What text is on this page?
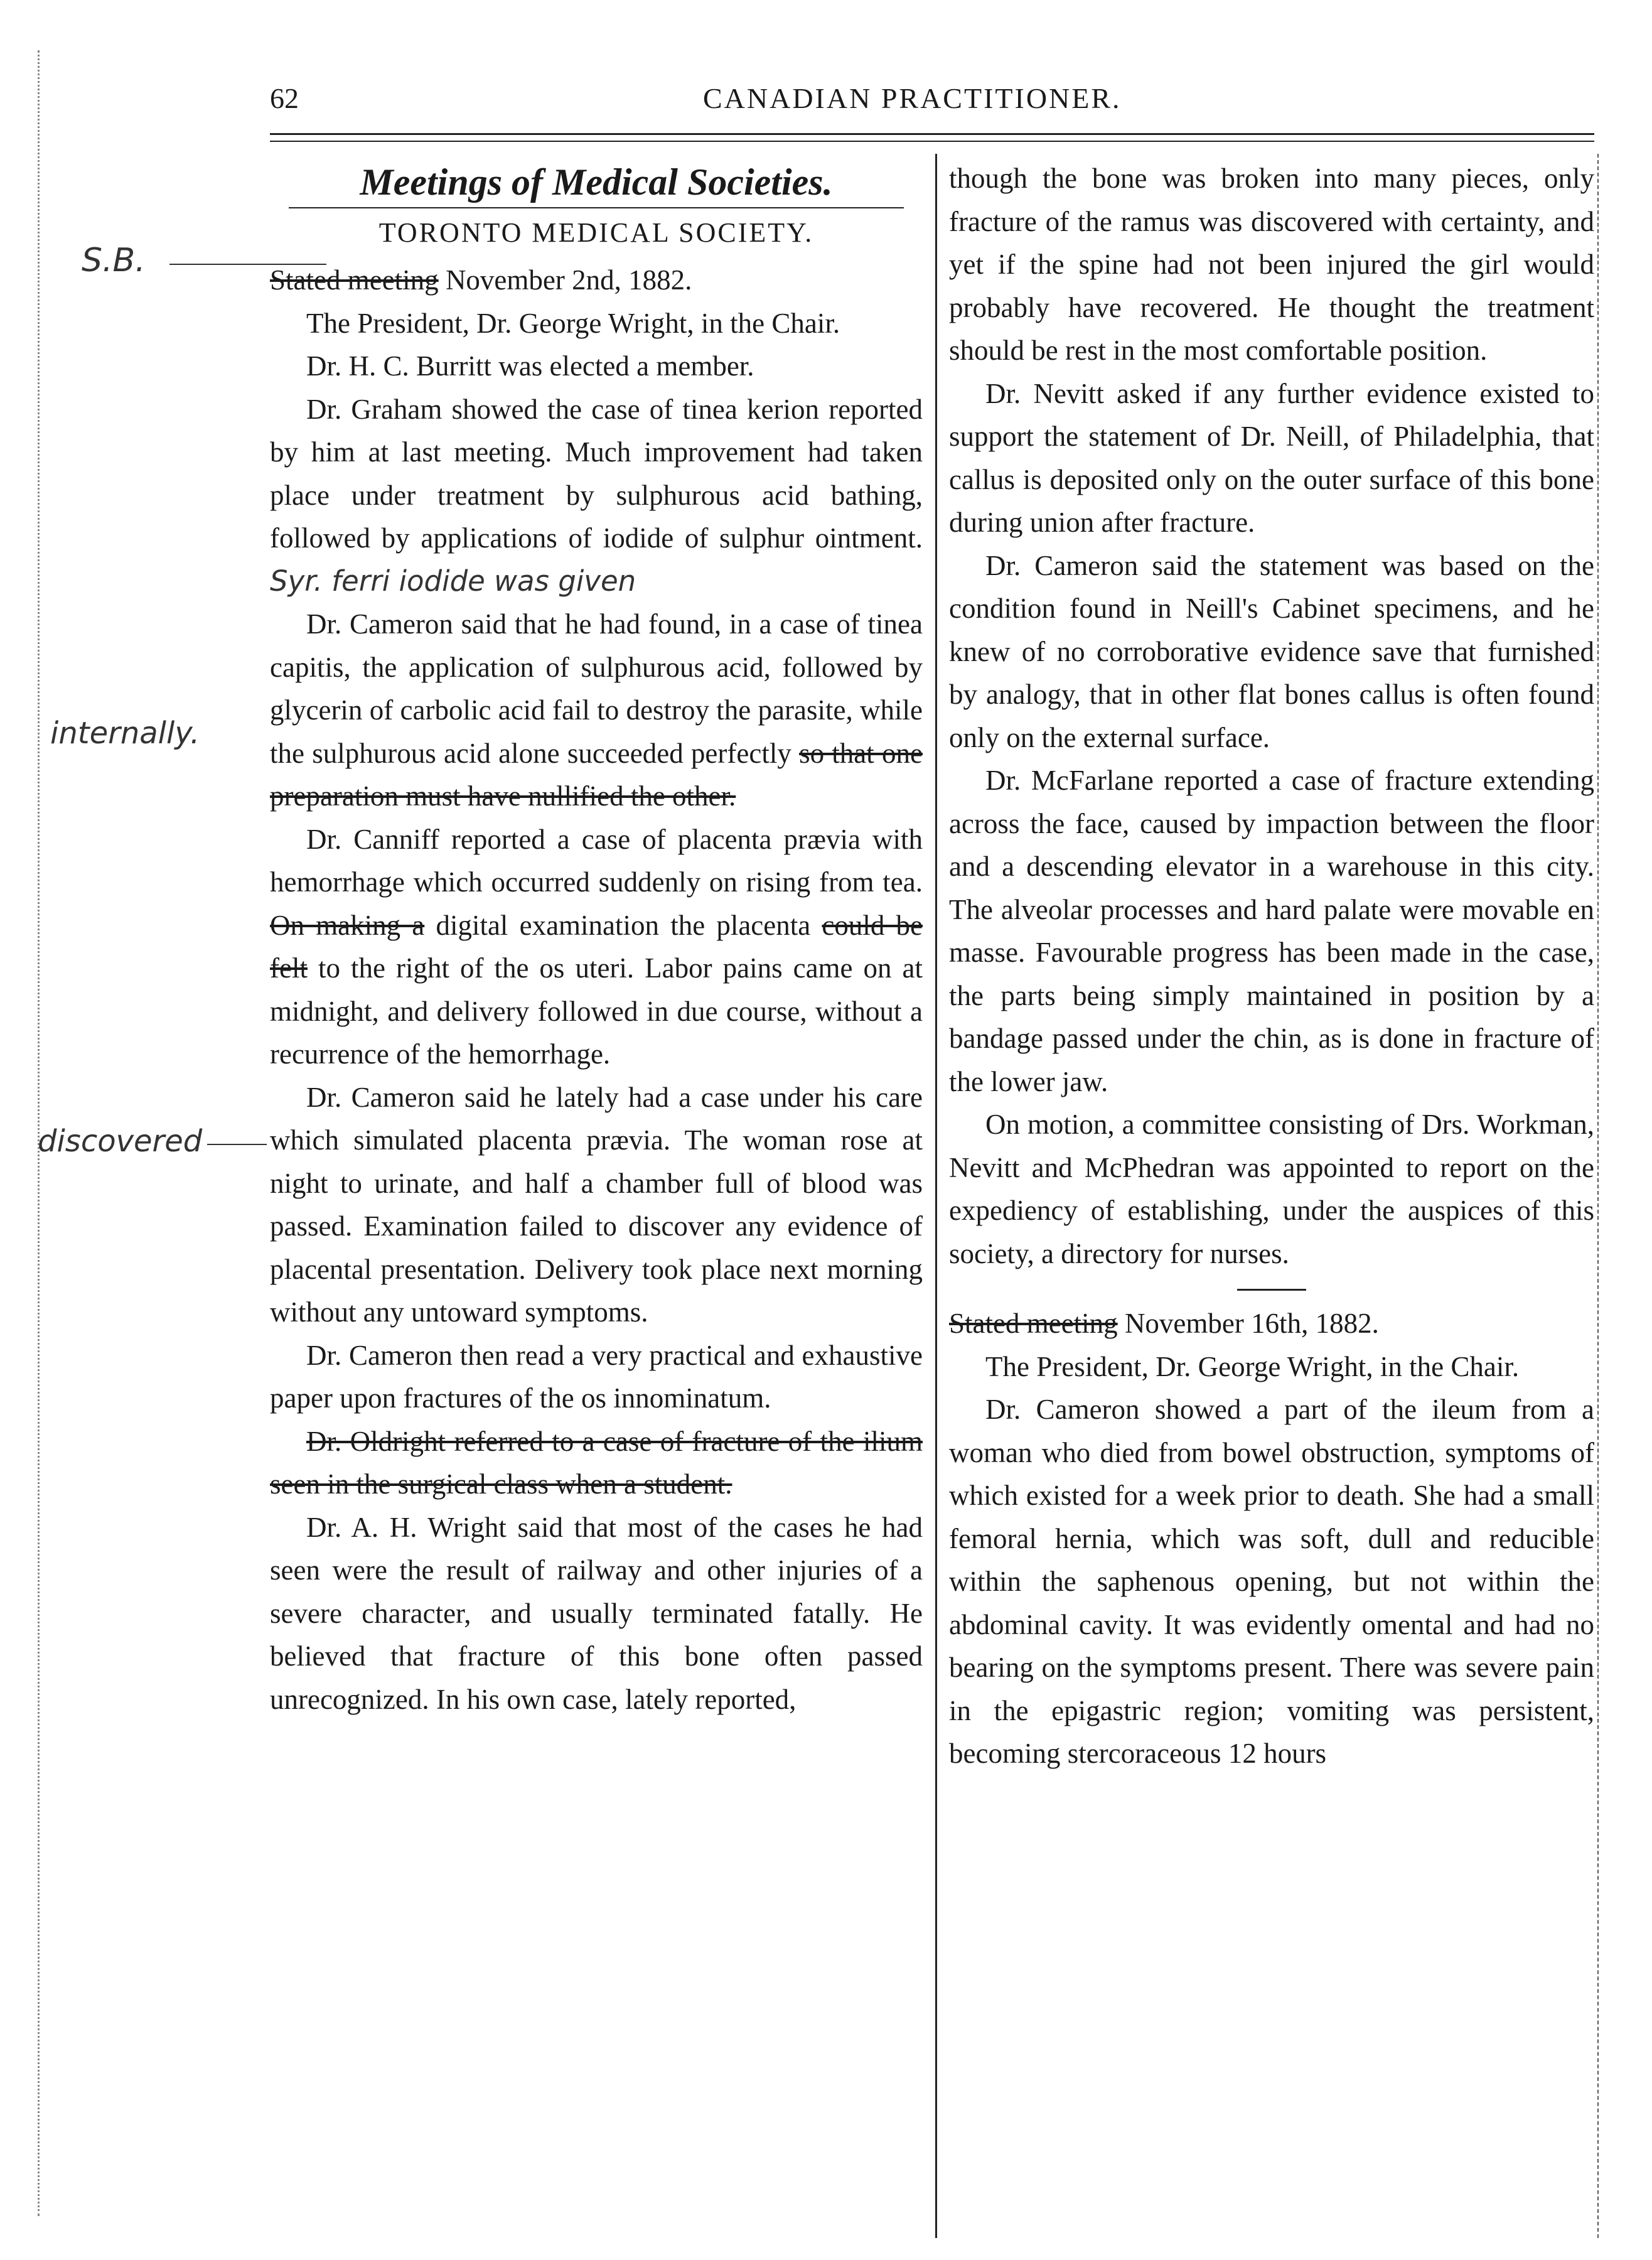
62	CANADIAN PRACTITIONER.
S.B.
internally.
discovered
Meetings of Medical Societies.
TORONTO MEDICAL SOCIETY.

Stated meeting November 2nd, 1882.

The President, Dr. George Wright, in the Chair.

Dr. H. C. Burritt was elected a member.

Dr. Graham showed the case of tinea kerion reported by him at last meeting. Much improvement had taken place under treatment by sulphurous acid bathing, followed by applications of iodide of sulphur ointment. Syr. ferri iodide was given

Dr. Cameron said that he had found, in a case of tinea capitis, the application of sulphurous acid, followed by glycerin of carbolic acid fail to destroy the parasite, while the sulphurous acid alone succeeded perfectly so that one preparation must have nullified the other.

Dr. Canniff reported a case of placenta prævia with hemorrhage which occurred suddenly on rising from tea. On making a digital examination the placenta could be felt to the right of the os uteri. Labor pains came on at midnight, and delivery followed in due course, without a recurrence of the hemorrhage.

Dr. Cameron said he lately had a case under his care which simulated placenta prævia. The woman rose at night to urinate, and half a chamber full of blood was passed. Examination failed to discover any evidence of placental presentation. Delivery took place next morning without any untoward symptoms.

Dr. Cameron then read a very practical and exhaustive paper upon fractures of the os innominatum.

Dr. Oldright referred to a case of fracture of the ilium seen in the surgical class when a student.

Dr. A. H. Wright said that most of the cases he had seen were the result of railway and other injuries of a severe character, and usually terminated fatally. He believed that fracture of this bone often passed unrecognized. In his own case, lately reported,

though the bone was broken into many pieces, only fracture of the ramus was discovered with certainty, and yet if the spine had not been injured the girl would probably have recovered. He thought the treatment should be rest in the most comfortable position.

Dr. Nevitt asked if any further evidence existed to support the statement of Dr. Neill, of Philadelphia, that callus is deposited only on the outer surface of this bone during union after fracture.

Dr. Cameron said the statement was based on the condition found in Neill's Cabinet specimens, and he knew of no corroborative evidence save that furnished by analogy, that in other flat bones callus is often found only on the external surface.

Dr. McFarlane reported a case of fracture extending across the face, caused by impaction between the floor and a descending elevator in a warehouse in this city. The alveolar processes and hard palate were movable en masse. Favourable progress has been made in the case, the parts being simply maintained in position by a bandage passed under the chin, as is done in fracture of the lower jaw.

On motion, a committee consisting of Drs. Workman, Nevitt and McPhedran was appointed to report on the expediency of establishing, under the auspices of this society, a directory for nurses.

Stated meeting November 16th, 1882.

The President, Dr. George Wright, in the Chair.

Dr. Cameron showed a part of the ileum from a woman who died from bowel obstruction, symptoms of which existed for a week prior to death. She had a small femoral hernia, which was soft, dull and reducible within the saphenous opening, but not within the abdominal cavity. It was evidently omental and had no bearing on the symptoms present. There was severe pain in the epigastric region; vomiting was persistent, becoming stercoraceous 12 hours
